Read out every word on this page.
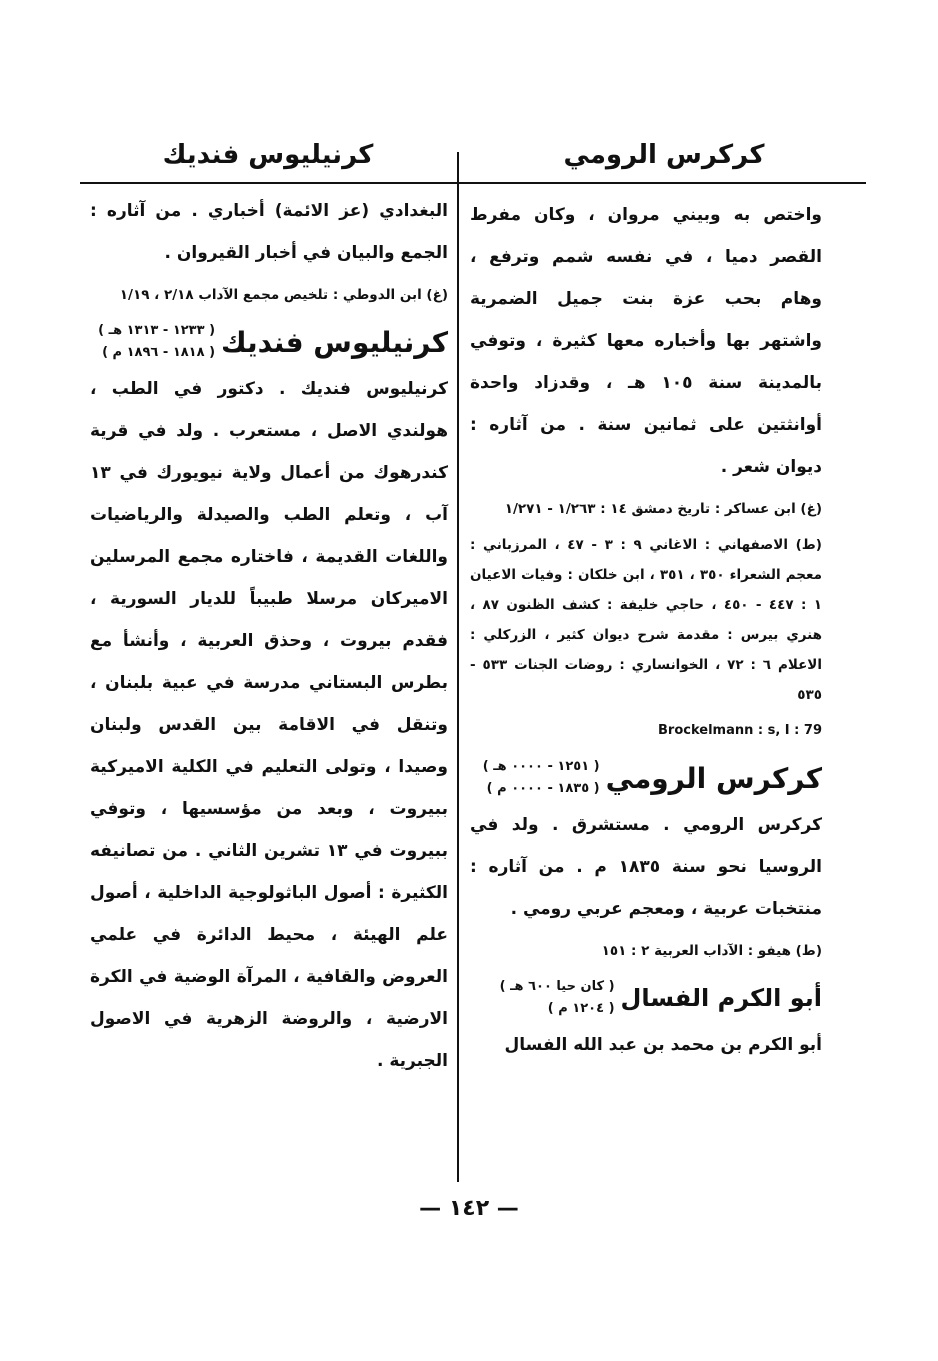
كركرس الرومي
كرنيليوس فنديك

واختص به وبيني مروان ، وكان مفرط القصر دميا ، في نفسه شمم وترفع ، وهام بحب عزة بنت جميل الضمرية واشتهر بها وأخباره معها كثيرة ، وتوفي بالمدينة سنة ١٠٥ هـ ، وقدزاد واحدة أوانثتين على ثمانين سنة . من آثاره : ديوان شعر .

(غ) ابن عساكر : تاريخ دمشق ١٤ : ١/٢٦٣ - ١/٢٧١

(ط) الاصفهاني : الاغاني ٩ : ٣ - ٤٧ ، المرزباني : معجم الشعراء ٣٥٠ ، ٣٥١ ، ابن خلكان : وفيات الاعيان ١ : ٤٤٧ - ٤٥٠ ، حاجي خليفة : كشف الظنون ٨٧ ، هنري بيرس : مقدمة شرح ديوان كثير ، الزركلي : الاعلام ٦ : ٧٢ ، الخوانساري : روضات الجنات ٥٣٣ - ٥٣٥

Brockelmann : s, I : 79

كركرس الرومي
( ١٢٥١ - ٠٠٠٠ هـ )
( ١٨٣٥ - ٠٠٠٠ م )

كركرس الرومي . مستشرق . ولد في الروسيا نحو سنة ١٨٣٥ م . من آثاره : منتخبات عربية ، ومعجم عربي رومي .

(ط) هيفو : الآداب العربية ٢ : ١٥١

أبو الكرم الفسال
( كان حيا ٦٠٠ هـ )
( ١٢٠٤ م )

أبو الكرم بن محمد بن عبد الله الفسال

البغدادي (عز الائمة) أخباري . من آثاره : الجمع والبيان في أخبار القيروان .

(غ) ابن الدوطي : تلخيص مجمع الآداب ٢/١٨ ، ١/١٩

كرنيليوس فنديك
( ١٢٣٣ - ١٣١٣ هـ )
( ١٨١٨ - ١٨٩٦ م )

كرنيليوس فنديك . دكتور في الطب ، هولندي الاصل ، مستعرب . ولد في قرية كندرهوك من أعمال ولاية نيويورك في ١٣ آب ، وتعلم الطب والصيدلة والرياضيات واللغات القديمة ، فاختاره مجمع المرسلين الاميركان مرسلا طبيباً للديار السورية ، فقدم بيروت ، وحذق العربية ، وأنشأ مع بطرس البستاني مدرسة في عبية بلبنان ، وتنقل في الاقامة بين القدس ولبنان وصيدا ، وتولى التعليم في الكلية الاميركية ببيروت ، وبعد من مؤسسيها ، وتوفي ببيروت في ١٣ تشرين الثاني . من تصانيفه الكثيرة : أصول الباثولوجية الداخلية ، أصول علم الهيئة ، محيط الدائرة في علمي العروض والقافية ، المرآة الوضية في الكرة الارضية ، والروضة الزهرية في الاصول الجبرية .

— ١٤٢ —
